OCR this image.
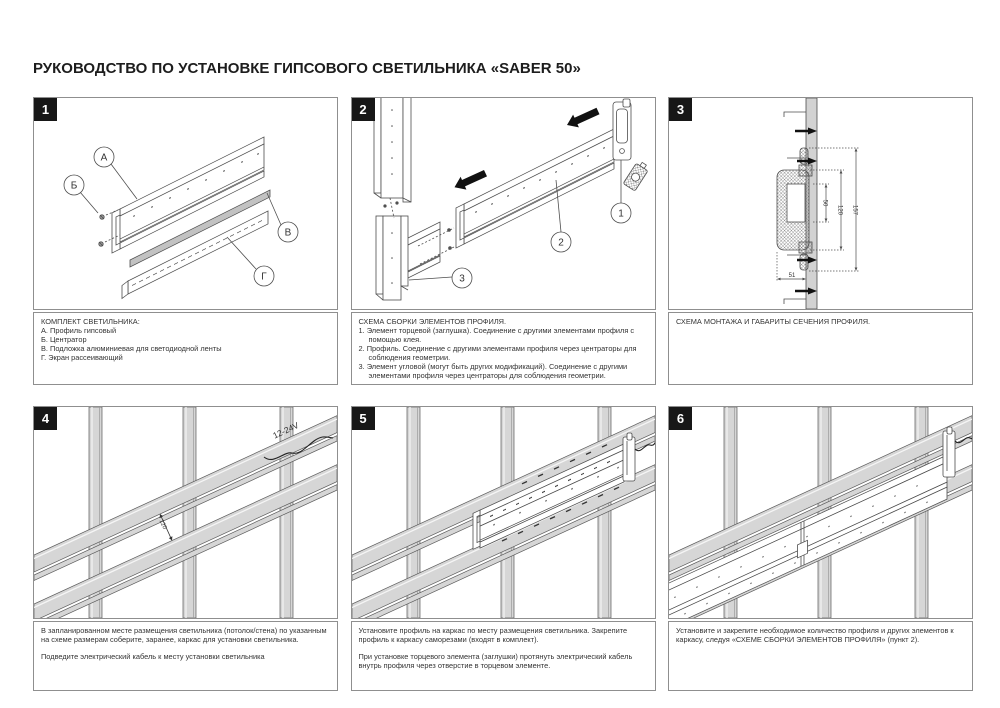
РУКОВОДСТВО ПО УСТАНОВКЕ ГИПСОВОГО СВЕТИЛЬНИКА «SABER 50»
1
А
Б
В
Г
КОМПЛЕКТ СВЕТИЛЬНИКА:
А. Профиль гипсовый
Б. Центратор
В. Подложка алюминиевая для светодиодной ленты
Г. Экран рассеивающий
2
1
2
3
СХЕМА СБОРКИ ЭЛЕМЕНТОВ ПРОФИЛЯ.
1. Элемент торцевой (заглушка). Соединение с другими элементами профиля с помощью клея.
2. Профиль. Соединение с другими элементами профиля через центраторы для соблюдения геометрии.
3. Элемент угловой (могут быть других модификаций). Соединение с другими элементами профиля через центраторы для соблюдения геометрии.
3
50
120 157
51
СХЕМА МОНТАЖА И ГАБАРИТЫ СЕЧЕНИЯ ПРОФИЛЯ.
4
12-24V
120

В запланированном месте размещения светильника (потолок/стена) по указанным на схеме размерам соберите, заранее, каркас для установки светильника.

Подведите электрический кабель к месту установки светильника

5

Установите профиль на каркас по месту размещения светильника. Закрепите профиль к каркасу саморезами (входят в комплект).

При установке торцевого элемента (заглушки) протянуть электрический кабель внутрь профиля через отверстие в торцевом элементе.

6

Установите и закрепите необходимое количество профиля и других элементов к каркасу, следуя «СХЕМЕ СБОРКИ ЭЛЕМЕНТОВ ПРОФИЛЯ» (пункт 2).
